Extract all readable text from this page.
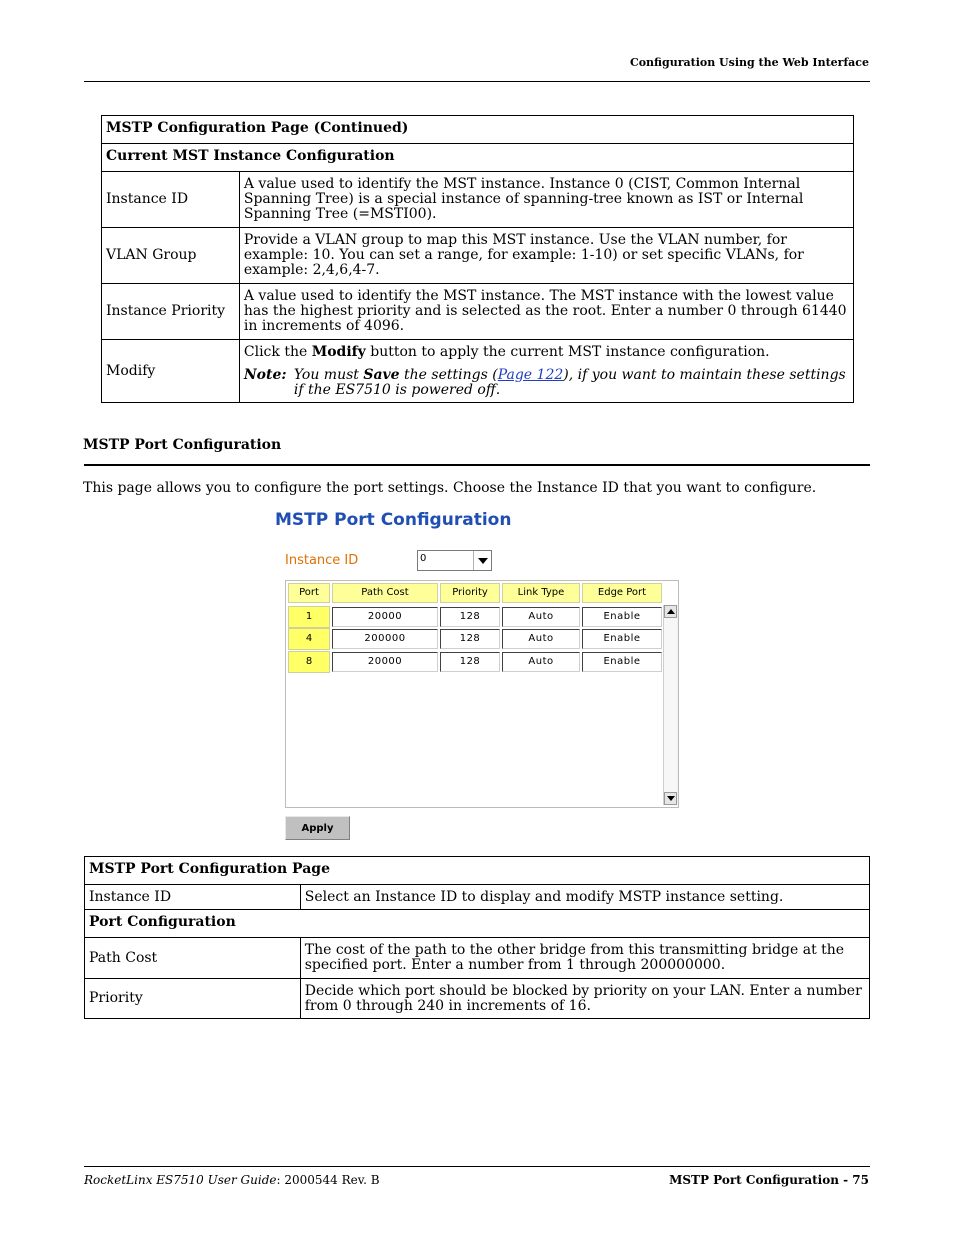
Configuration Using the Web Interface
MSTP Configuration Page (Continued)	
Current MST Instance Configuration	
Instance ID	A value used to identify the MST instance. Instance 0 (CIST, Common Internal Spanning Tree) is a special instance of spanning-tree known as IST or Internal Spanning Tree (=MSTI00).
VLAN Group	Provide a VLAN group to map this MST instance. Use the VLAN number, for example: 10. You can set a range, for example: 1-10) or set specific VLANs, for example: 2,4,6,4-7.
Instance Priority	A value used to identify the MST instance. The MST instance with the lowest value has the highest priority and is selected as the root. Enter a number 0 through 61440 in increments of 4096.
Modify	Click the Modify button to apply the current MST instance configuration.
Note: You must Save the settings (Page 122), if you want to maintain these settings if the ES7510 is powered off.
MSTP Port Configuration
This page allows you to configure the port settings. Choose the Instance ID that you want to configure.
MSTP Port Configuration
Instance ID	0
Port	Path Cost	Priority	Link Type	Edge Port
1	20000	128	Auto	Enable
4	200000	128	Auto	Enable
8	20000	128	Auto	Enable
Apply
MSTP Port Configuration Page	
Instance ID	Select an Instance ID to display and modify MSTP instance setting.
Port Configuration	
Path Cost	The cost of the path to the other bridge from this transmitting bridge at the specified port. Enter a number from 1 through 200000000.
Priority	Decide which port should be blocked by priority on your LAN. Enter a number from 0 through 240 in increments of 16.
RocketLinx ES7510 User Guide: 2000544 Rev. B	MSTP Port Configuration - 75
